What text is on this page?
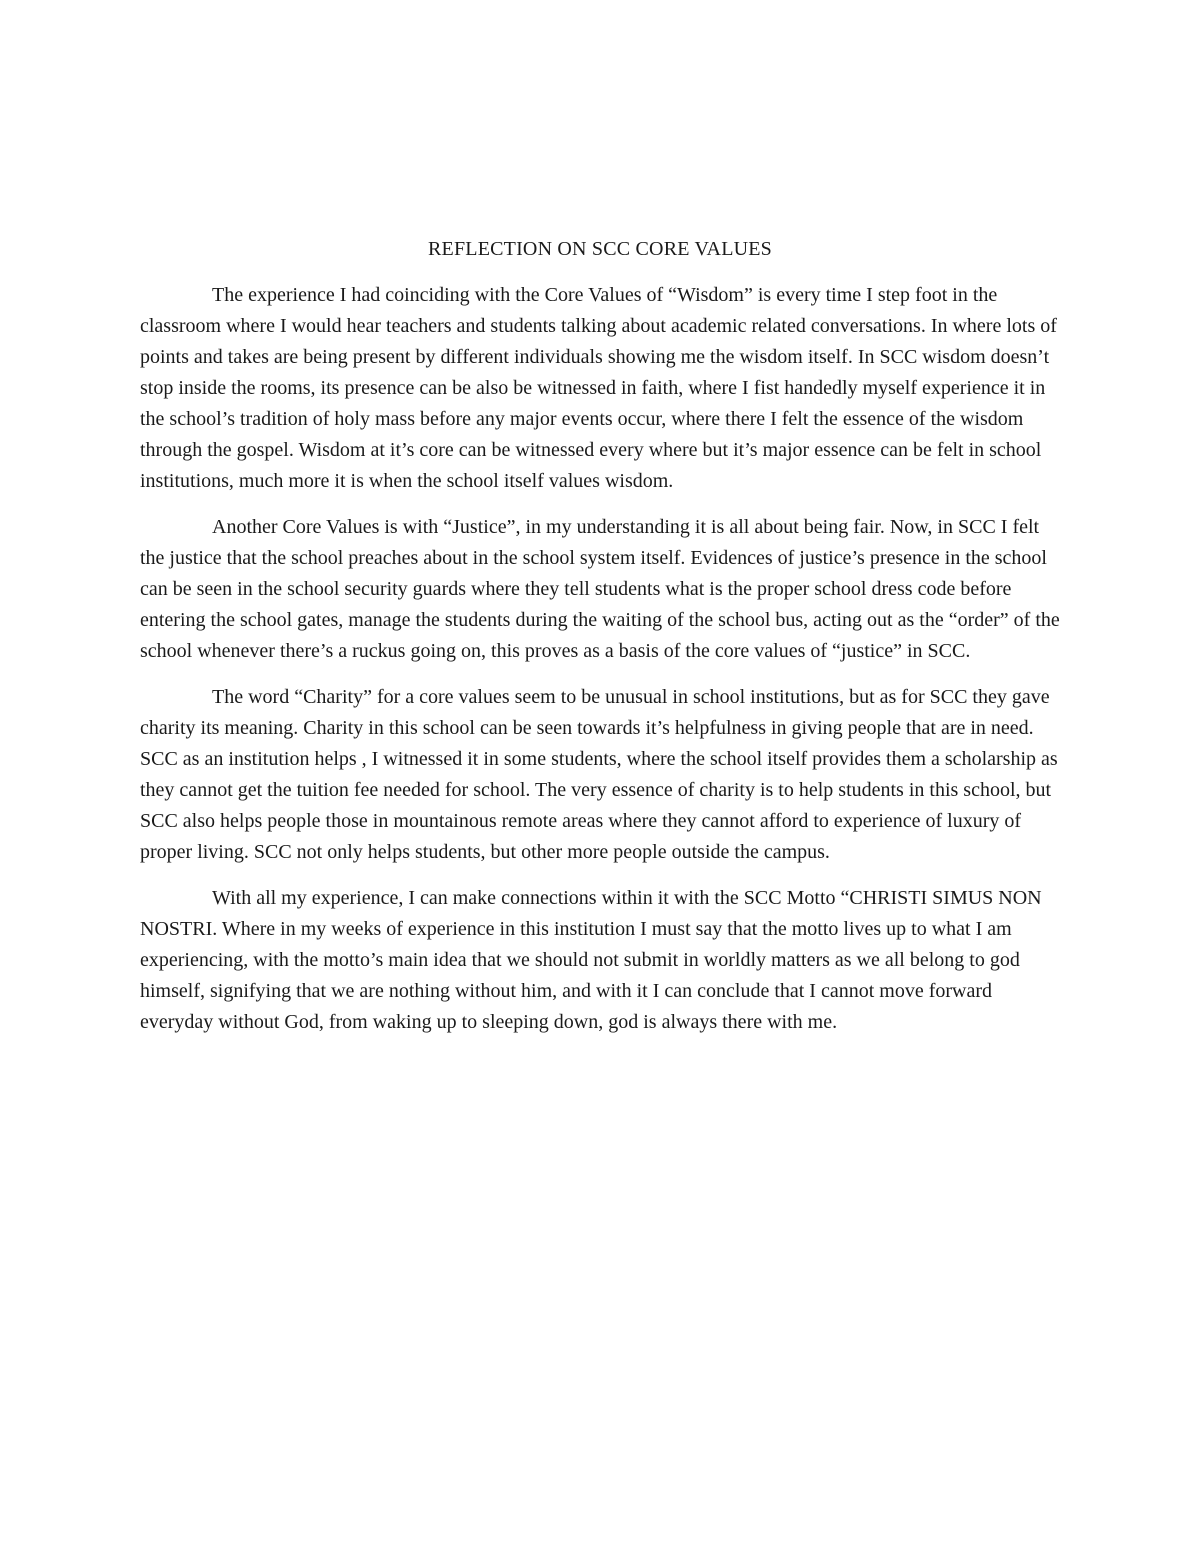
REFLECTION ON SCC CORE VALUES

The experience I had coinciding with the Core Values of “Wisdom” is every time I step foot in the classroom where I would hear teachers and students talking about academic related conversations. In where lots of points and takes are being present by different individuals showing me the wisdom itself. In SCC wisdom doesn’t stop inside the rooms, its presence can be also be witnessed in faith, where I fist handedly myself experience it in the school’s tradition of holy mass before any major events occur, where there I felt the essence of the wisdom through the gospel. Wisdom at it’s core can be witnessed every where but it’s major essence can be felt in school institutions, much more it is when the school itself values wisdom.

Another Core Values is with “Justice”, in my understanding it is all about being fair. Now, in SCC I felt the justice that the school preaches about in the school system itself. Evidences of justice’s presence in the school can be seen in the school security guards where they tell students what is the proper school dress code before entering the school gates, manage the students during the waiting of the school bus, acting out as the “order” of the school whenever there’s a ruckus going on, this proves as a basis of the core values of “justice” in SCC.

The word “Charity” for a core values seem to be unusual in school institutions, but as for SCC they gave charity its meaning. Charity in this school can be seen towards it’s helpfulness in giving people that are in need. SCC as an institution helps , I witnessed it in some students, where the school itself provides them a scholarship as they cannot get the tuition fee needed for school. The very essence of charity is to help students in this school, but SCC also helps people those in mountainous remote areas where they cannot afford to experience of luxury of proper living. SCC not only helps students, but other more people outside the campus.

With all my experience, I can make connections within it with the SCC Motto “CHRISTI SIMUS NON NOSTRI. Where in my weeks of experience in this institution I must say that the motto lives up to what I am experiencing, with the motto’s main idea that we should not submit in worldly matters as we all belong to god himself, signifying that we are nothing without him, and with it I can conclude that I cannot move forward everyday without God, from waking up to sleeping down, god is always there with me.
